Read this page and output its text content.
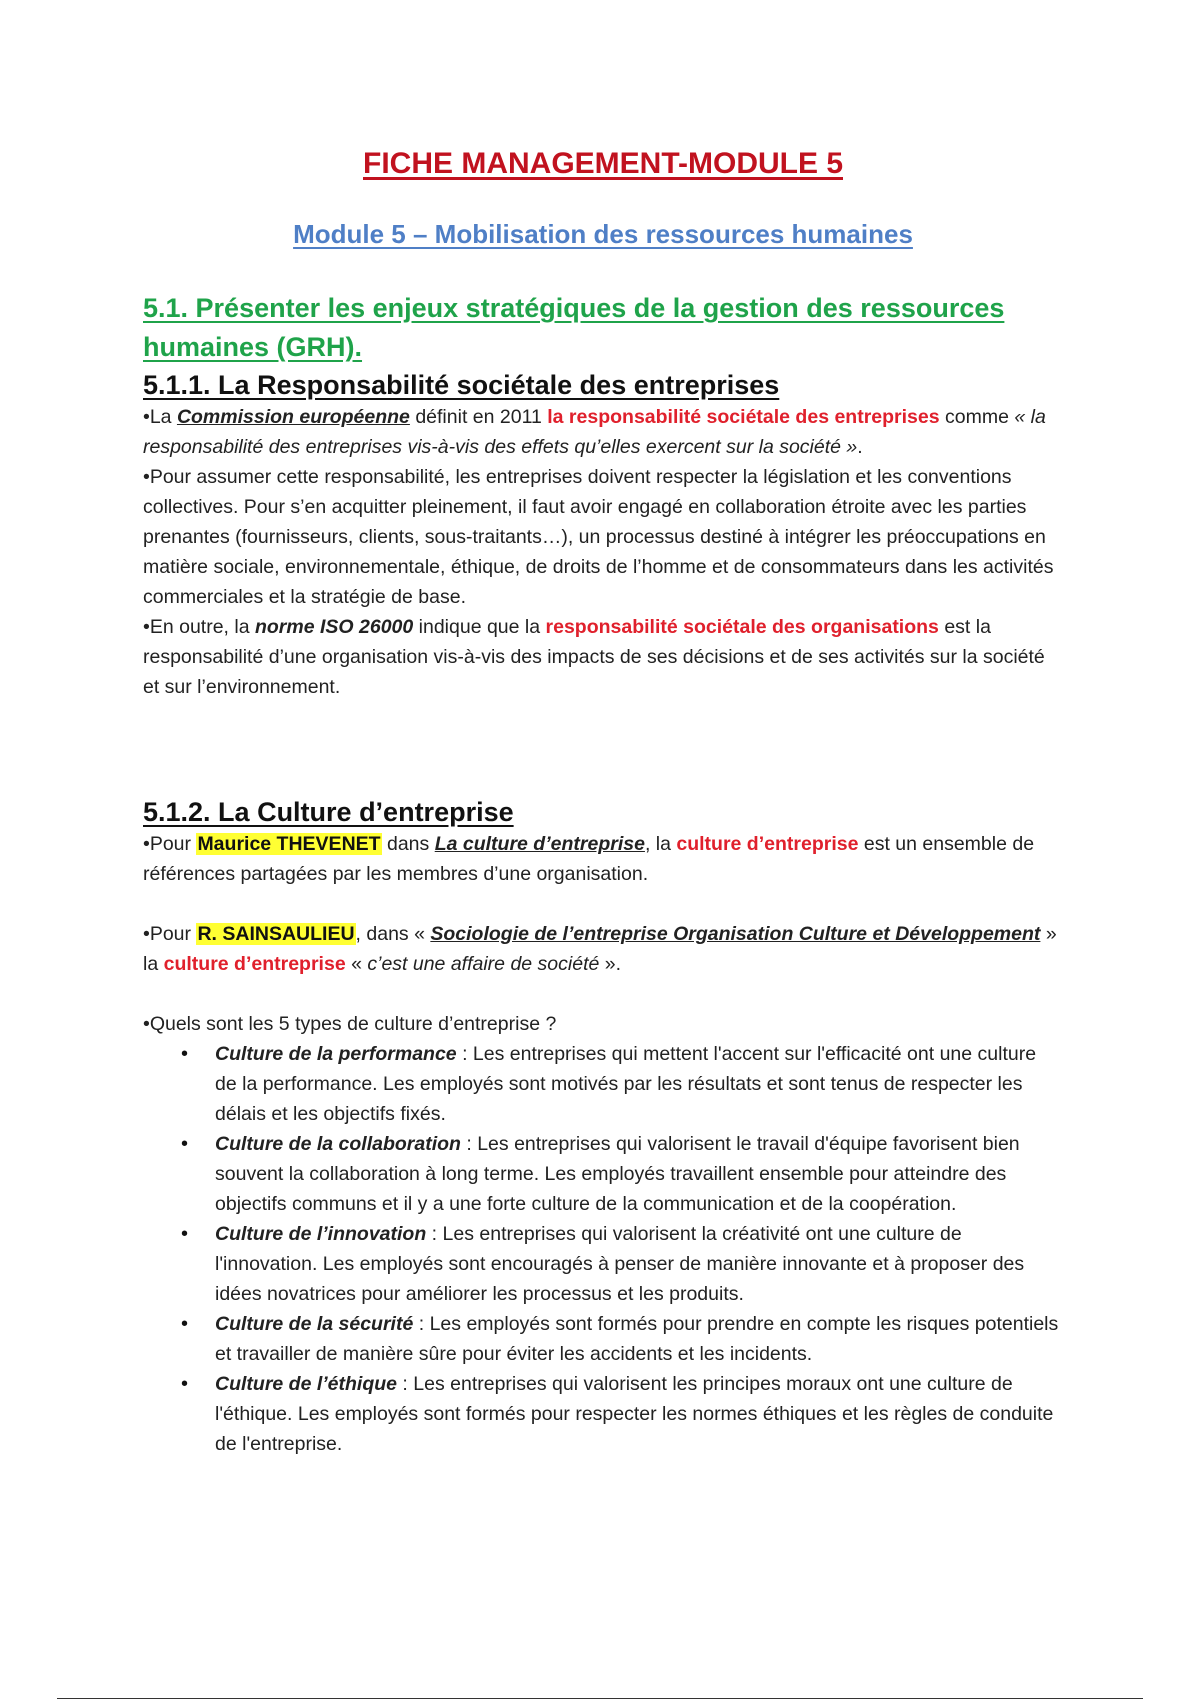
FICHE MANAGEMENT-MODULE 5
Module 5 – Mobilisation des ressources humaines
5.1. Présenter les enjeux stratégiques de la gestion des ressources humaines (GRH).
5.1.1. La Responsabilité sociétale des entreprises

•La Commission européenne définit en 2011 la responsabilité sociétale des entreprises comme « la responsabilité des entreprises vis-à-vis des effets qu’elles exercent sur la société ».

•Pour assumer cette responsabilité, les entreprises doivent respecter la législation et les conventions collectives. Pour s’en acquitter pleinement, il faut avoir engagé en collaboration étroite avec les parties prenantes (fournisseurs, clients, sous-traitants…), un processus destiné à intégrer les préoccupations en matière sociale, environnementale, éthique, de droits de l’homme et de consommateurs dans les activités commerciales et la stratégie de base.

•En outre, la norme ISO 26000 indique que la responsabilité sociétale des organisations est la responsabilité d’une organisation vis-à-vis des impacts de ses décisions et de ses activités sur la société et sur l’environnement.

5.1.2. La Culture d’entreprise

•Pour Maurice THEVENET dans La culture d’entreprise, la culture d’entreprise est un ensemble de références partagées par les membres d’une organisation.

•Pour R. SAINSAULIEU, dans « Sociologie de l’entreprise Organisation Culture et Développement » la culture d’entreprise « c’est une affaire de société ».

•Quels sont les 5 types de culture d’entreprise ?

• Culture de la performance : Les entreprises qui mettent l'accent sur l'efficacité ont une culture de la performance. Les employés sont motivés par les résultats et sont tenus de respecter les délais et les objectifs fixés.
• Culture de la collaboration : Les entreprises qui valorisent le travail d'équipe favorisent bien souvent la collaboration à long terme. Les employés travaillent ensemble pour atteindre des objectifs communs et il y a une forte culture de la communication et de la coopération.
• Culture de l’innovation : Les entreprises qui valorisent la créativité ont une culture de l'innovation. Les employés sont encouragés à penser de manière innovante et à proposer des idées novatrices pour améliorer les processus et les produits.
• Culture de la sécurité : Les employés sont formés pour prendre en compte les risques potentiels et travailler de manière sûre pour éviter les accidents et les incidents.
• Culture de l’éthique : Les entreprises qui valorisent les principes moraux ont une culture de l'éthique. Les employés sont formés pour respecter les normes éthiques et les règles de conduite de l'entreprise.
